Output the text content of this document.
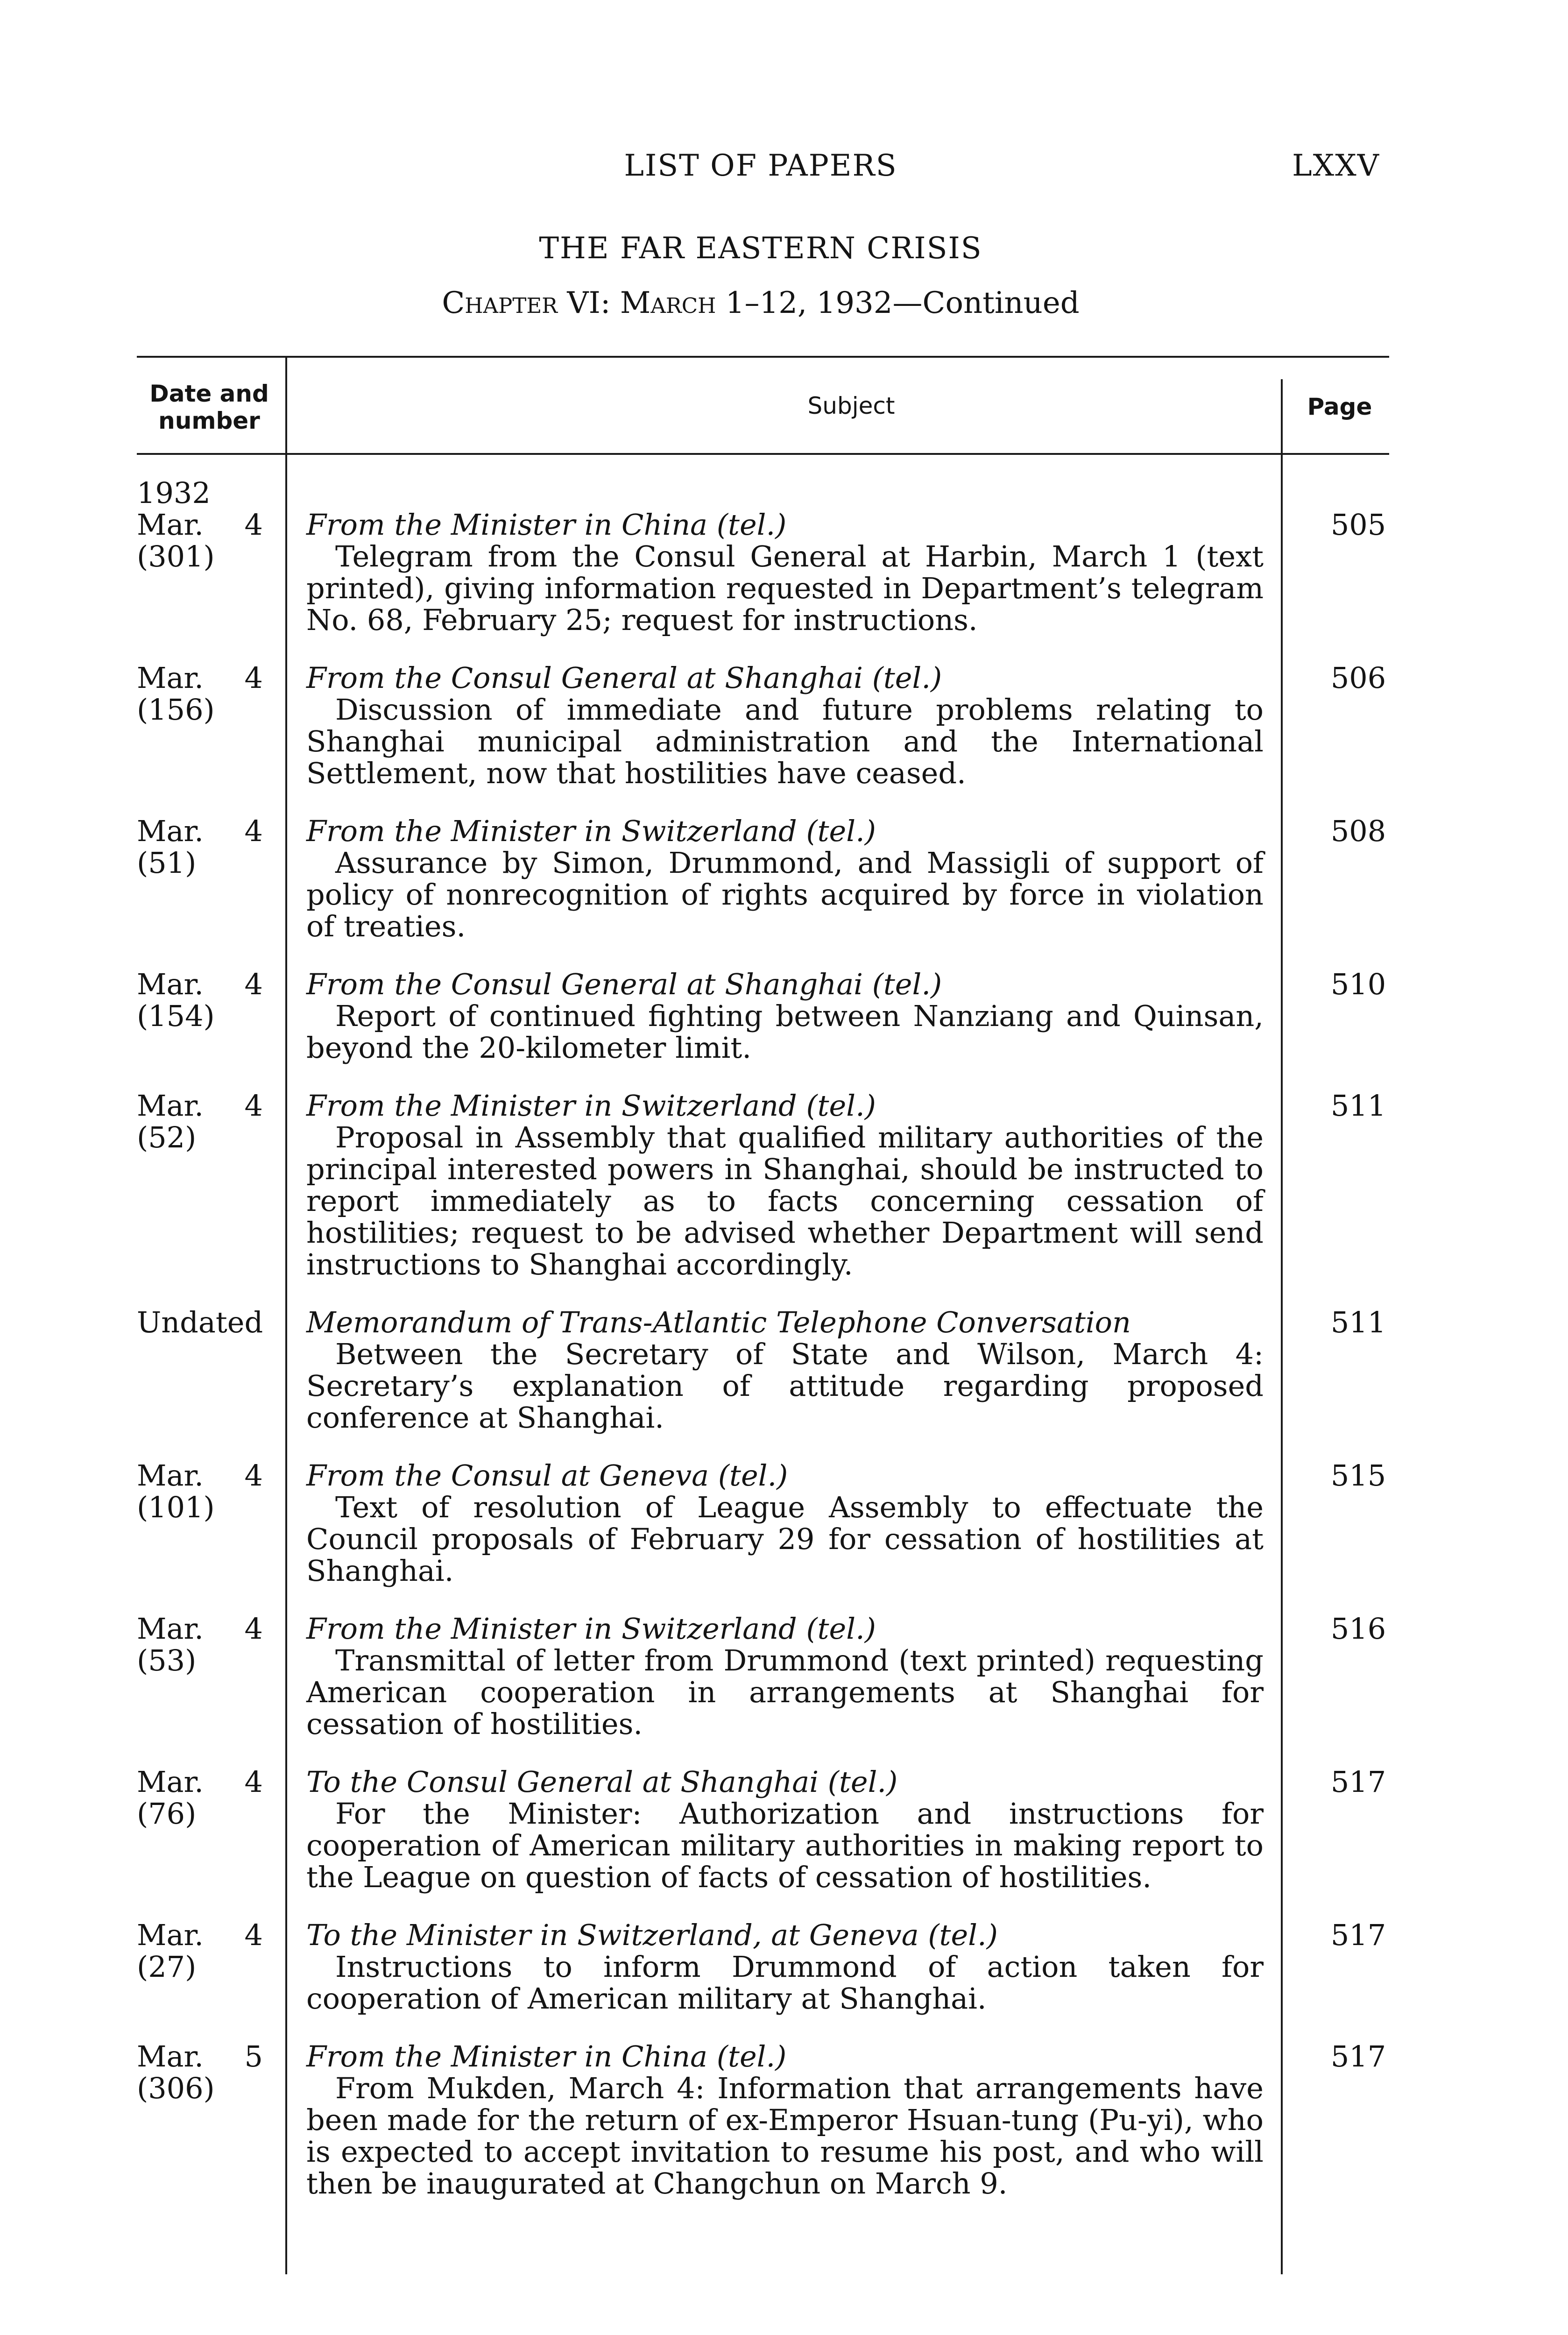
LIST OF PAPERS	LXXV
THE FAR EASTERN CRISIS
Chapter VI: March 1–12, 1932—Continued
Date and
number
Subject	Page
1932
Mar. 4
(301)
From the Minister in China (tel.)
Telegram from the Consul General at Harbin, March 1 (text printed), giving information requested in Department’s telegram No. 68, February 25; request for instructions.
505
Mar. 4
(156)
From the Consul General at Shanghai (tel.)
Discussion of immediate and future problems relating to Shanghai municipal administration and the International Settlement, now that hostilities have ceased.
506
Mar. 4
(51)
From the Minister in Switzerland (tel.)
Assurance by Simon, Drummond, and Massigli of support of policy of nonrecognition of rights acquired by force in violation of treaties.
508
Mar. 4
(154)
From the Consul General at Shanghai (tel.)
Report of continued fighting between Nanziang and Quinsan, beyond the 20-kilometer limit.
510
Mar. 4
(52)
From the Minister in Switzerland (tel.)
Proposal in Assembly that qualified military authorities of the principal interested powers in Shanghai, should be instructed to report immediately as to facts concerning cessation of hostilities; request to be advised whether Department will send instructions to Shanghai accordingly.
511
Undated Memorandum of Trans-Atlantic Telephone Conversation
Between the Secretary of State and Wilson, March 4: Secretary’s explanation of attitude regarding proposed conference at Shanghai.
511
Mar. 4
(101)
From the Consul at Geneva (tel.)
Text of resolution of League Assembly to effectuate the Council proposals of February 29 for cessation of hostilities at Shanghai.
515
Mar. 4
(53)
From the Minister in Switzerland (tel.)
Transmittal of letter from Drummond (text printed) requesting American cooperation in arrangements at Shanghai for cessation of hostilities.
516
Mar. 4
(76)
To the Consul General at Shanghai (tel.)
For the Minister: Authorization and instructions for cooperation of American military authorities in making report to the League on question of facts of cessation of hostilities.
517
Mar. 4
(27)
To the Minister in Switzerland, at Geneva (tel.)
Instructions to inform Drummond of action taken for cooperation of American military at Shanghai.
517
Mar. 5
(306)
From the Minister in China (tel.)
From Mukden, March 4: Information that arrangements have been made for the return of ex-Emperor Hsuan-tung (Pu-yi), who is expected to accept invitation to resume his post, and who will then be inaugurated at Changchun on March 9.
517
